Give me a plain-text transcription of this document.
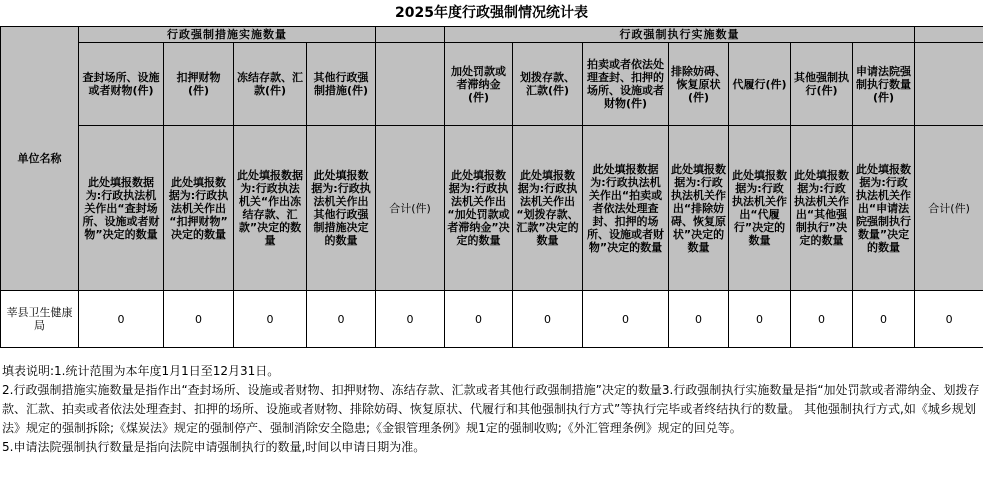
2025年度行政强制情况统计表
单位名称	行政强制措施实施数量					行政强制执行实施数量							
	查封场所、设施或者财物(件)	扣押财物(件)	冻结存款、汇款(件)	其他行政强制措施(件)		加处罚款或者滞纳金(件)	划拨存款、汇款(件)	拍卖或者依法处理查封、扣押的场所、设施或者财物(件)	排除妨碍、恢复原状(件)	代履行(件)	其他强制执行(件)	申请法院强制执行数量(件)	
	此处填报数据为:行政执法机关作出“查封场所、设施或者财物”决定的数量	此处填报数据为:行政执法机关作出“扣押财物”决定的数量	此处填报数据为:行政执法机关“作出冻结存款、汇款”决定的数量	此处填报数据为:行政执法机关作出其他行政强制措施决定的数量	合计(件)	此处填报数据为:行政执法机关作出“加处罚款或者滞纳金”决定的数量	此处填报数据为:行政执法机关作出“划拨存款、汇款”决定的数量	此处填报数据为:行政执法机关作出“拍卖或者依法处理查封、扣押的场所、设施或者财物”决定的数量	此处填报数据为:行政执法机关作出“排除妨碍、恢复原状”决定的数量	此处填报数据为:行政执法机关作出“代履行”决定的数量	此处填报数据为:行政执法机关作出“其他强制执行”决定的数量	此处填报数据为:行政执法机关作出“申请法院强制执行数量”决定的数量	合计(件)
莘县卫生健康局	0	0	0	0	0	0	0	0	0	0	0	0	0

填表说明:1.统计范围为本年度1月1日至12月31日。

2.行政强制措施实施数量是指作出“查封场所、设施或者财物、扣押财物、冻结存款、汇款或者其他行政强制措施”决定的数量3.行政强制执行实施数量是指“加处罚款或者滞纳金、划拨存款、汇款、拍卖或者依法处理查封、扣押的场所、设施或者财物、排除妨碍、恢复原状、代履行和其他强制执行方式”等执行完毕或者终结执行的数量。 其他强制执行方式,如《城乡规划法》规定的强制拆除;《煤炭法》规定的强制停产、强制消除安全隐患;《金银管理条例》规1定的强制收购;《外汇管理条例》规定的回兑等。

5.申请法院强制执行数量是指向法院申请强制执行的数量,时间以申请日期为准。
